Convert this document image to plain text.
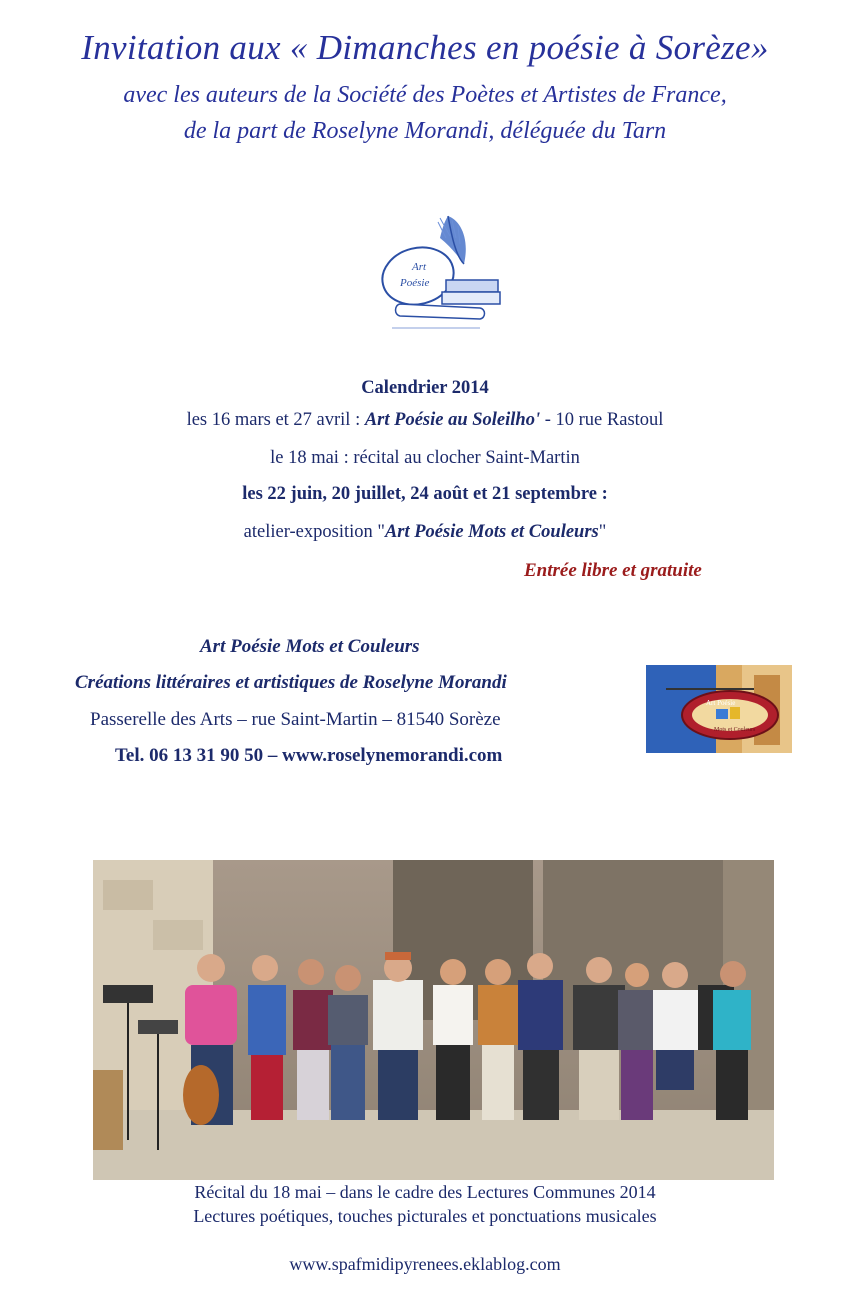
Invitation aux « Dimanches en poésie à Sorèze»
avec les auteurs de la Société des Poètes et Artistes de France,
de la part de Roselyne Morandi, déléguée du Tarn
Art
Poésie
Calendrier 2014
les 16 mars et 27 avril : Art Poésie au Soleilho' - 10 rue Rastoul
le 18 mai : récital au clocher Saint-Martin
les 22 juin, 20 juillet, 24 août et 21 septembre :
atelier-exposition "Art Poésie Mots et Couleurs"
Entrée libre et gratuite
Art Poésie Mots et Couleurs
Créations littéraires et artistiques de Roselyne Morandi
Passerelle des Arts – rue Saint-Martin – 81540 Sorèze
Tel. 06 13 31 90 50 – www.roselynemorandi.com
Art Poésie
Mots et Couleurs
Récital du 18 mai – dans le cadre des Lectures Communes 2014
Lectures poétiques, touches picturales et ponctuations musicales
www.spafmidipyrenees.eklablog.com
